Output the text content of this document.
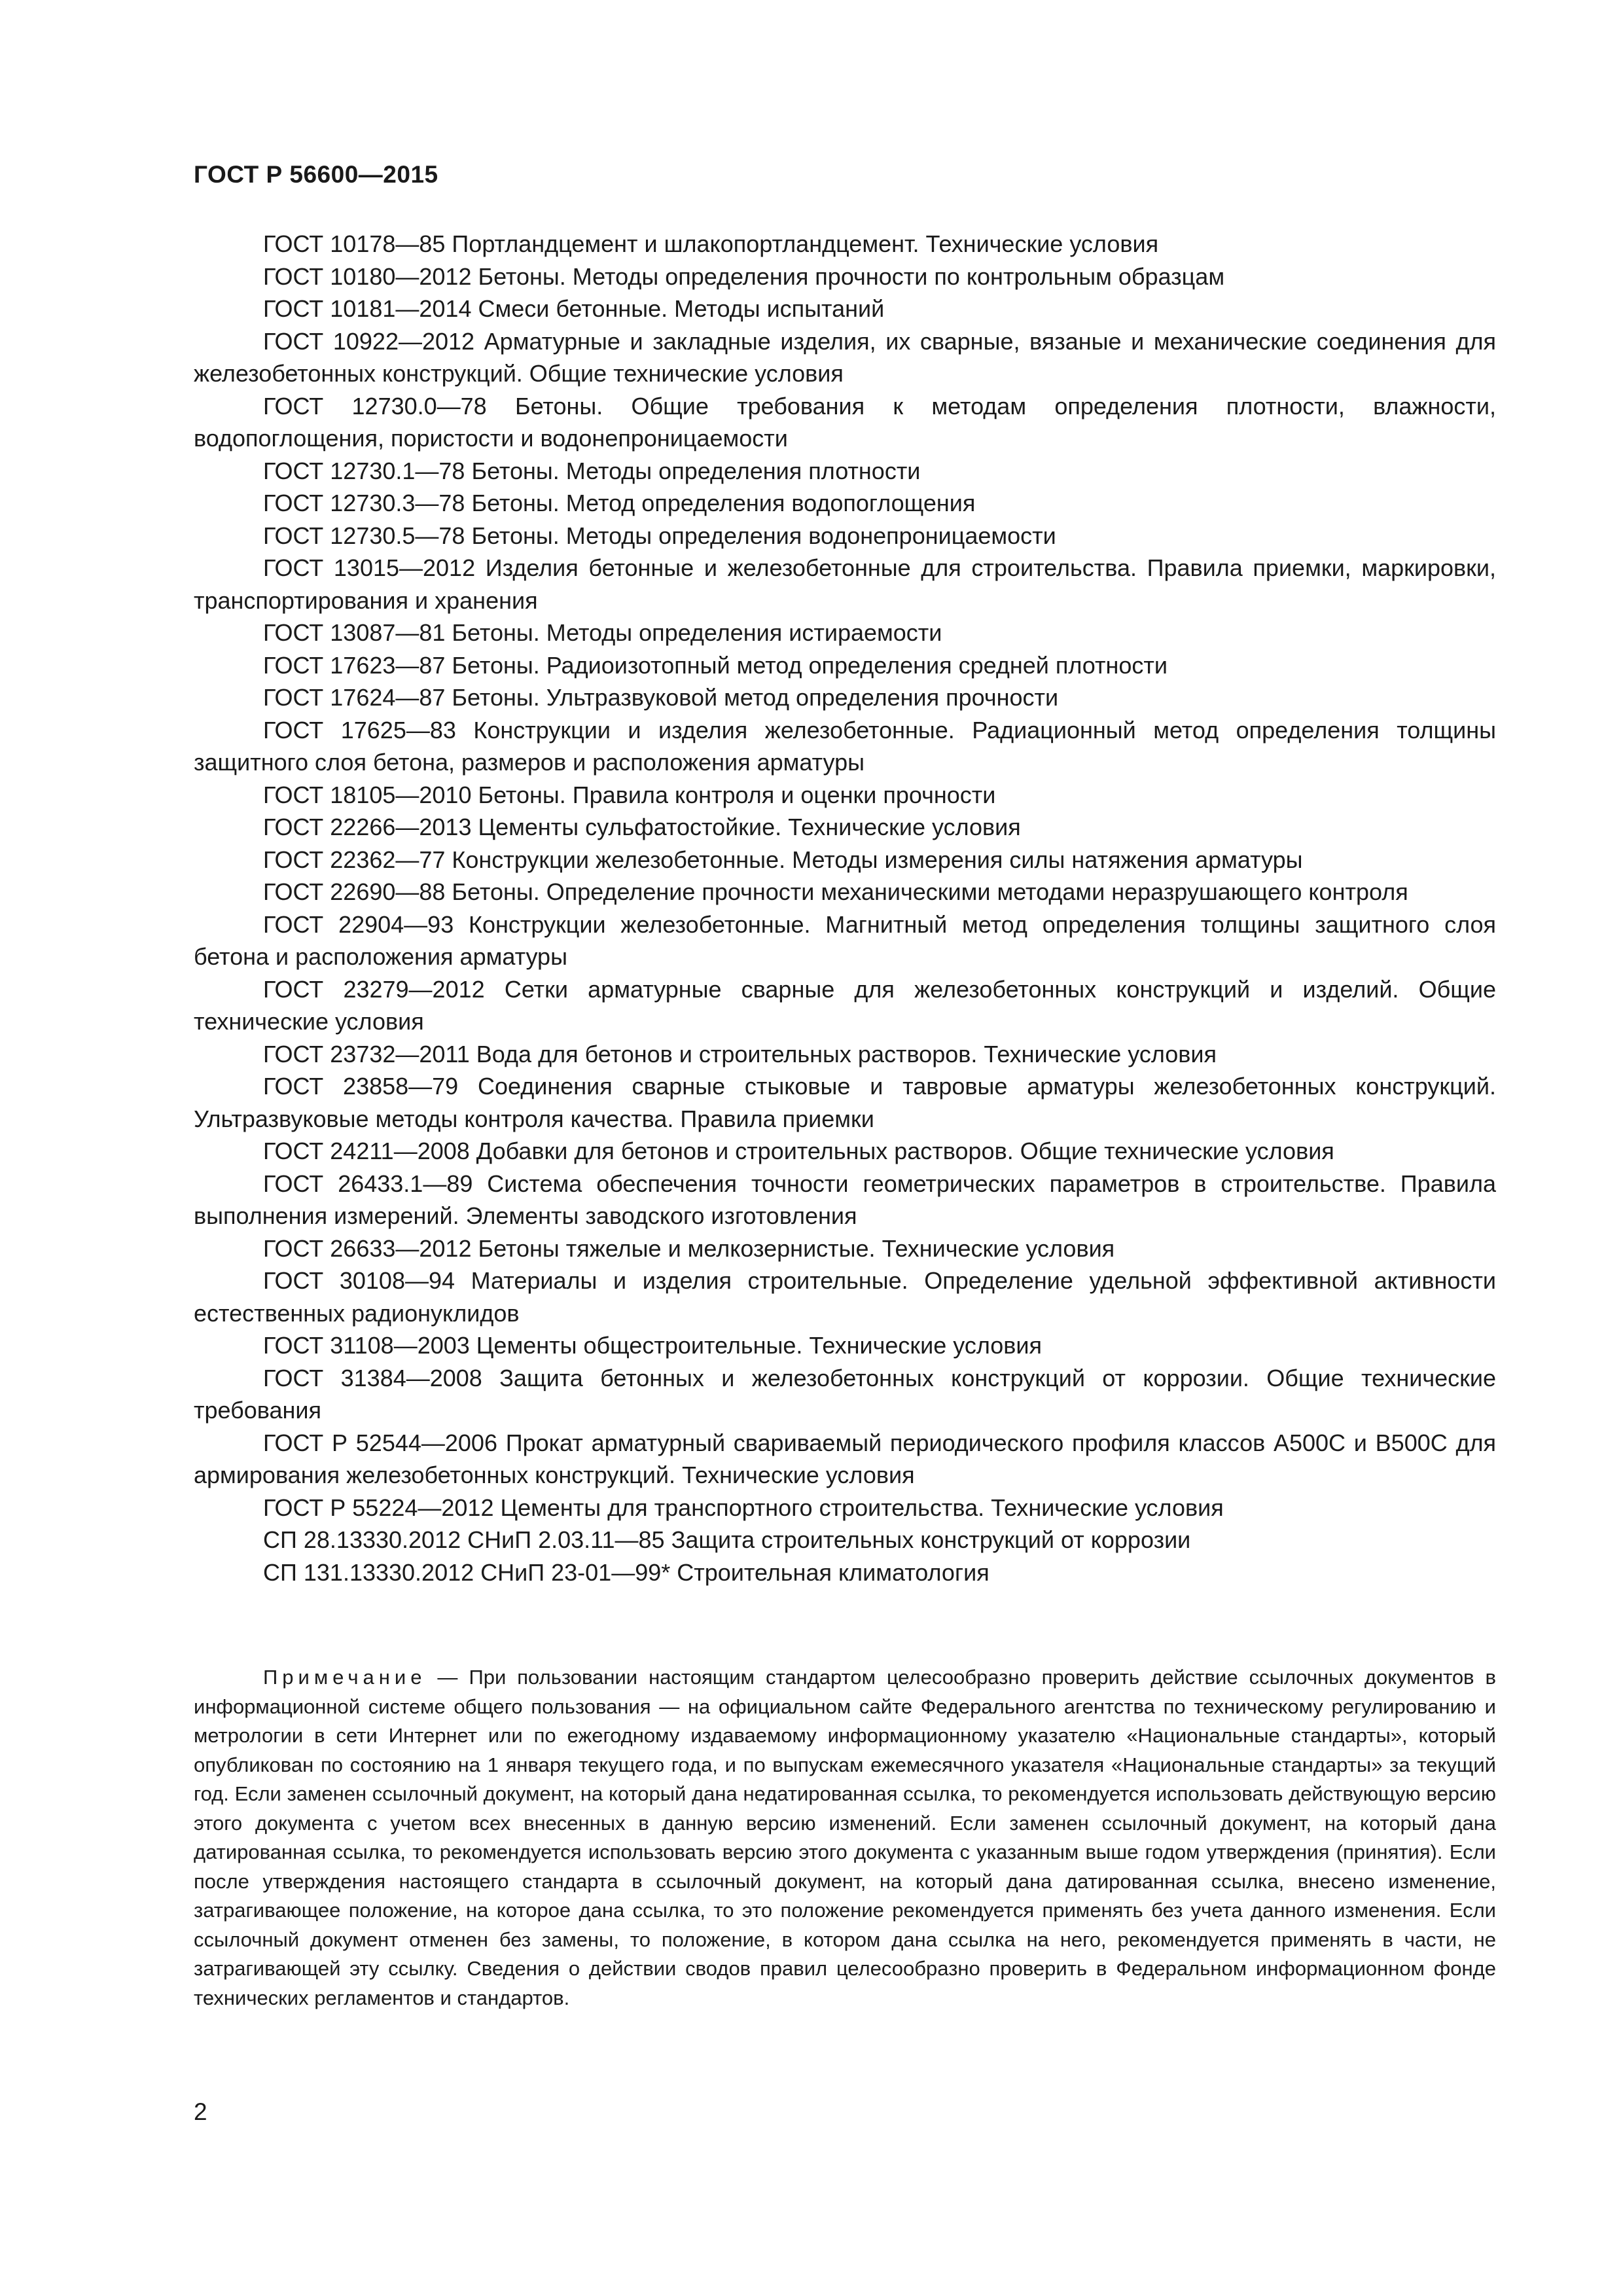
ГОСТ Р 56600—2015

ГОСТ 10178—85 Портландцемент и шлакопортландцемент. Технические условия

ГОСТ 10180—2012 Бетоны. Методы определения прочности по контрольным образцам

ГОСТ 10181—2014 Смеси бетонные. Методы испытаний

ГОСТ 10922—2012 Арматурные и закладные изделия, их сварные, вязаные и механические соединения для железобетонных конструкций. Общие технические условия

ГОСТ 12730.0—78 Бетоны. Общие требования к методам определения плотности, влажности, водопоглощения, пористости и водонепроницаемости

ГОСТ 12730.1—78 Бетоны. Методы определения плотности

ГОСТ 12730.3—78 Бетоны. Метод определения водопоглощения

ГОСТ 12730.5—78 Бетоны. Методы определения водонепроницаемости

ГОСТ 13015—2012 Изделия бетонные и железобетонные для строительства. Правила приемки, маркировки, транспортирования и хранения

ГОСТ 13087—81 Бетоны. Методы определения истираемости

ГОСТ 17623—87 Бетоны. Радиоизотопный метод определения средней плотности

ГОСТ 17624—87 Бетоны. Ультразвуковой метод определения прочности

ГОСТ 17625—83 Конструкции и изделия железобетонные. Радиационный метод определения толщины защитного слоя бетона, размеров и расположения арматуры

ГОСТ 18105—2010 Бетоны. Правила контроля и оценки прочности

ГОСТ 22266—2013 Цементы сульфатостойкие. Технические условия

ГОСТ 22362—77 Конструкции железобетонные. Методы измерения силы натяжения арматуры

ГОСТ 22690—88 Бетоны. Определение прочности механическими методами неразрушающего контроля

ГОСТ 22904—93 Конструкции железобетонные. Магнитный метод определения толщины защитного слоя бетона и расположения арматуры

ГОСТ 23279—2012 Сетки арматурные сварные для железобетонных конструкций и изделий. Общие технические условия

ГОСТ 23732—2011 Вода для бетонов и строительных растворов. Технические условия

ГОСТ 23858—79 Соединения сварные стыковые и тавровые арматуры железобетонных конструкций. Ультразвуковые методы контроля качества. Правила приемки

ГОСТ 24211—2008 Добавки для бетонов и строительных растворов. Общие технические условия

ГОСТ 26433.1—89 Система обеспечения точности геометрических параметров в строительстве. Правила выполнения измерений. Элементы заводского изготовления

ГОСТ 26633—2012 Бетоны тяжелые и мелкозернистые. Технические условия

ГОСТ 30108—94 Материалы и изделия строительные. Определение удельной эффективной активности естественных радионуклидов

ГОСТ 31108—2003 Цементы общестроительные. Технические условия

ГОСТ 31384—2008 Защита бетонных и железобетонных конструкций от коррозии. Общие технические требования

ГОСТ Р 52544—2006 Прокат арматурный свариваемый периодического профиля классов А500С и В500С для армирования железобетонных конструкций. Технические условия

ГОСТ Р 55224—2012 Цементы для транспортного строительства. Технические условия

СП 28.13330.2012 СНиП 2.03.11—85 Защита строительных конструкций от коррозии

СП 131.13330.2012 СНиП 23-01—99* Строительная климатология

Примечание — При пользовании настоящим стандартом целесообразно проверить действие ссылочных документов в информационной системе общего пользования — на официальном сайте Федерального агентства по техническому регулированию и метрологии в сети Интернет или по ежегодному издаваемому информационному указателю «Национальные стандарты», который опубликован по состоянию на 1 января текущего года, и по выпускам ежемесячного указателя «Национальные стандарты» за текущий год. Если заменен ссылочный документ, на который дана недатированная ссылка, то рекомендуется использовать действующую версию этого документа с учетом всех внесенных в данную версию изменений. Если заменен ссылочный документ, на который дана датированная ссылка, то рекомендуется использовать версию этого документа с указанным выше годом утверждения (принятия). Если после утверждения настоящего стандарта в ссылочный документ, на который дана датированная ссылка, внесено изменение, затрагивающее положение, на которое дана ссылка, то это положение рекомендуется применять без учета данного изменения. Если ссылочный документ отменен без замены, то положение, в котором дана ссылка на него, рекомендуется применять в части, не затрагивающей эту ссылку. Сведения о действии сводов правил целесообразно проверить в Федеральном информационном фонде технических регламентов и стандартов.

2
